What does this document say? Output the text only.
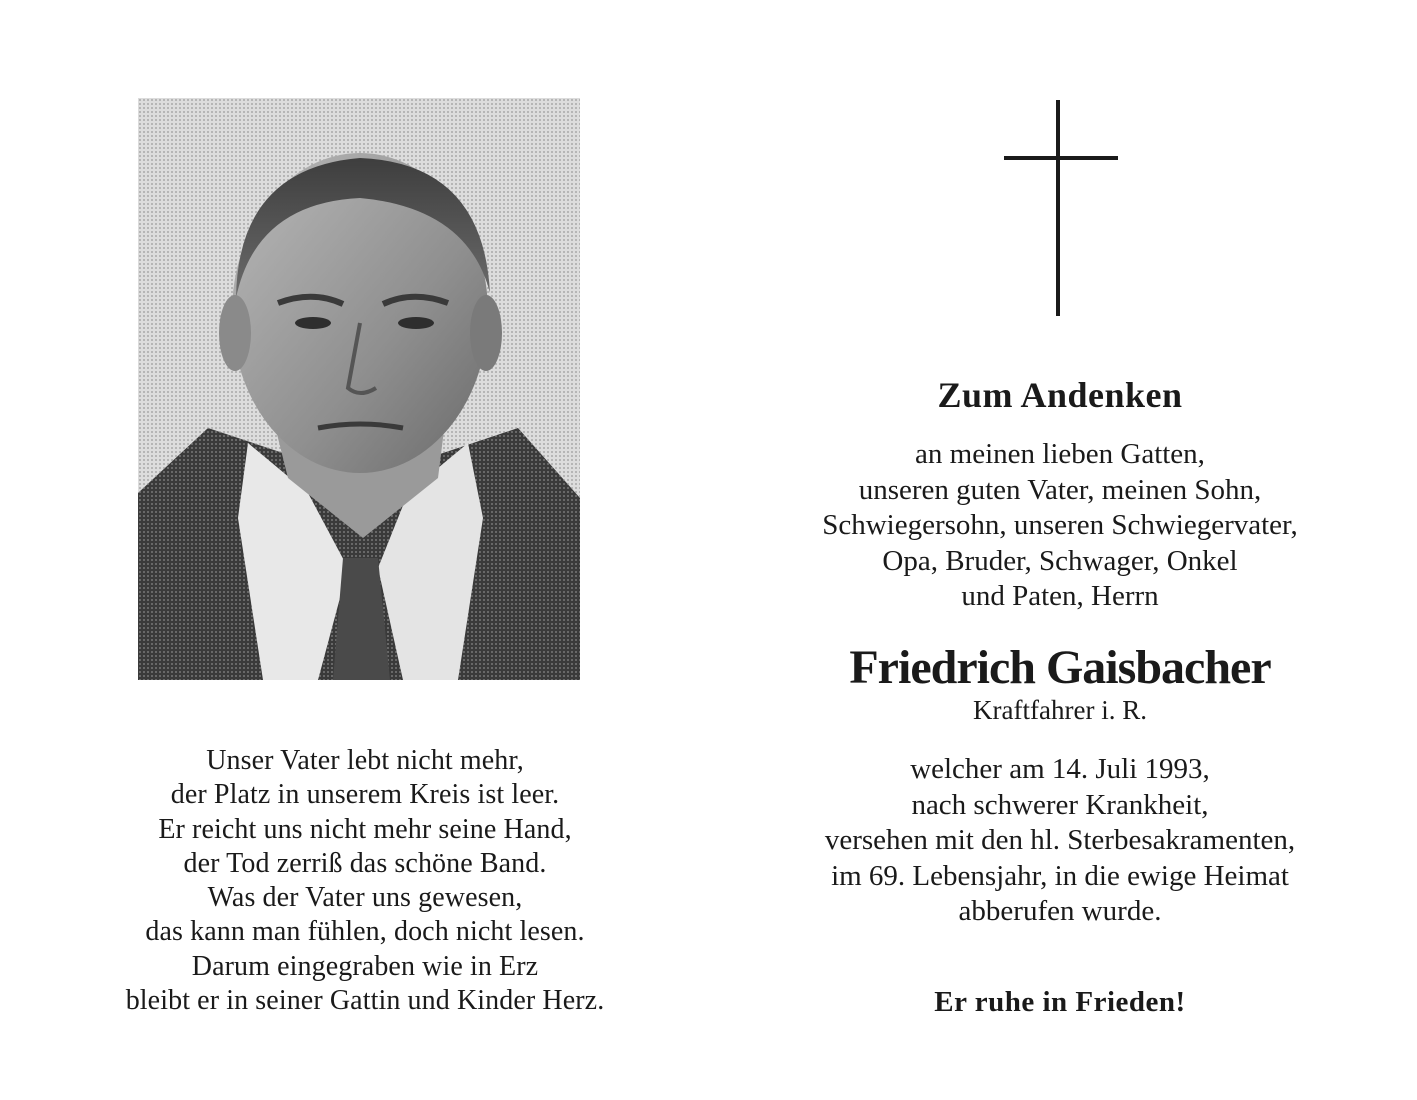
Unser Vater lebt nicht mehr,
der Platz in unserem Kreis ist leer.
Er reicht uns nicht mehr seine Hand,
der Tod zerriß das schöne Band.
Was der Vater uns gewesen,
das kann man fühlen, doch nicht lesen.
Darum eingegraben wie in Erz
bleibt er in seiner Gattin und Kinder Herz.
Zum Andenken
an meinen lieben Gatten,
unseren guten Vater, meinen Sohn,
Schwiegersohn, unseren Schwiegervater,
Opa, Bruder, Schwager, Onkel
und Paten, Herrn
Friedrich Gaisbacher
Kraftfahrer i. R.
welcher am 14. Juli 1993,
nach schwerer Krankheit,
versehen mit den hl. Sterbesakramenten,
im 69. Lebensjahr, in die ewige Heimat
abberufen wurde.
Er ruhe in Frieden!
